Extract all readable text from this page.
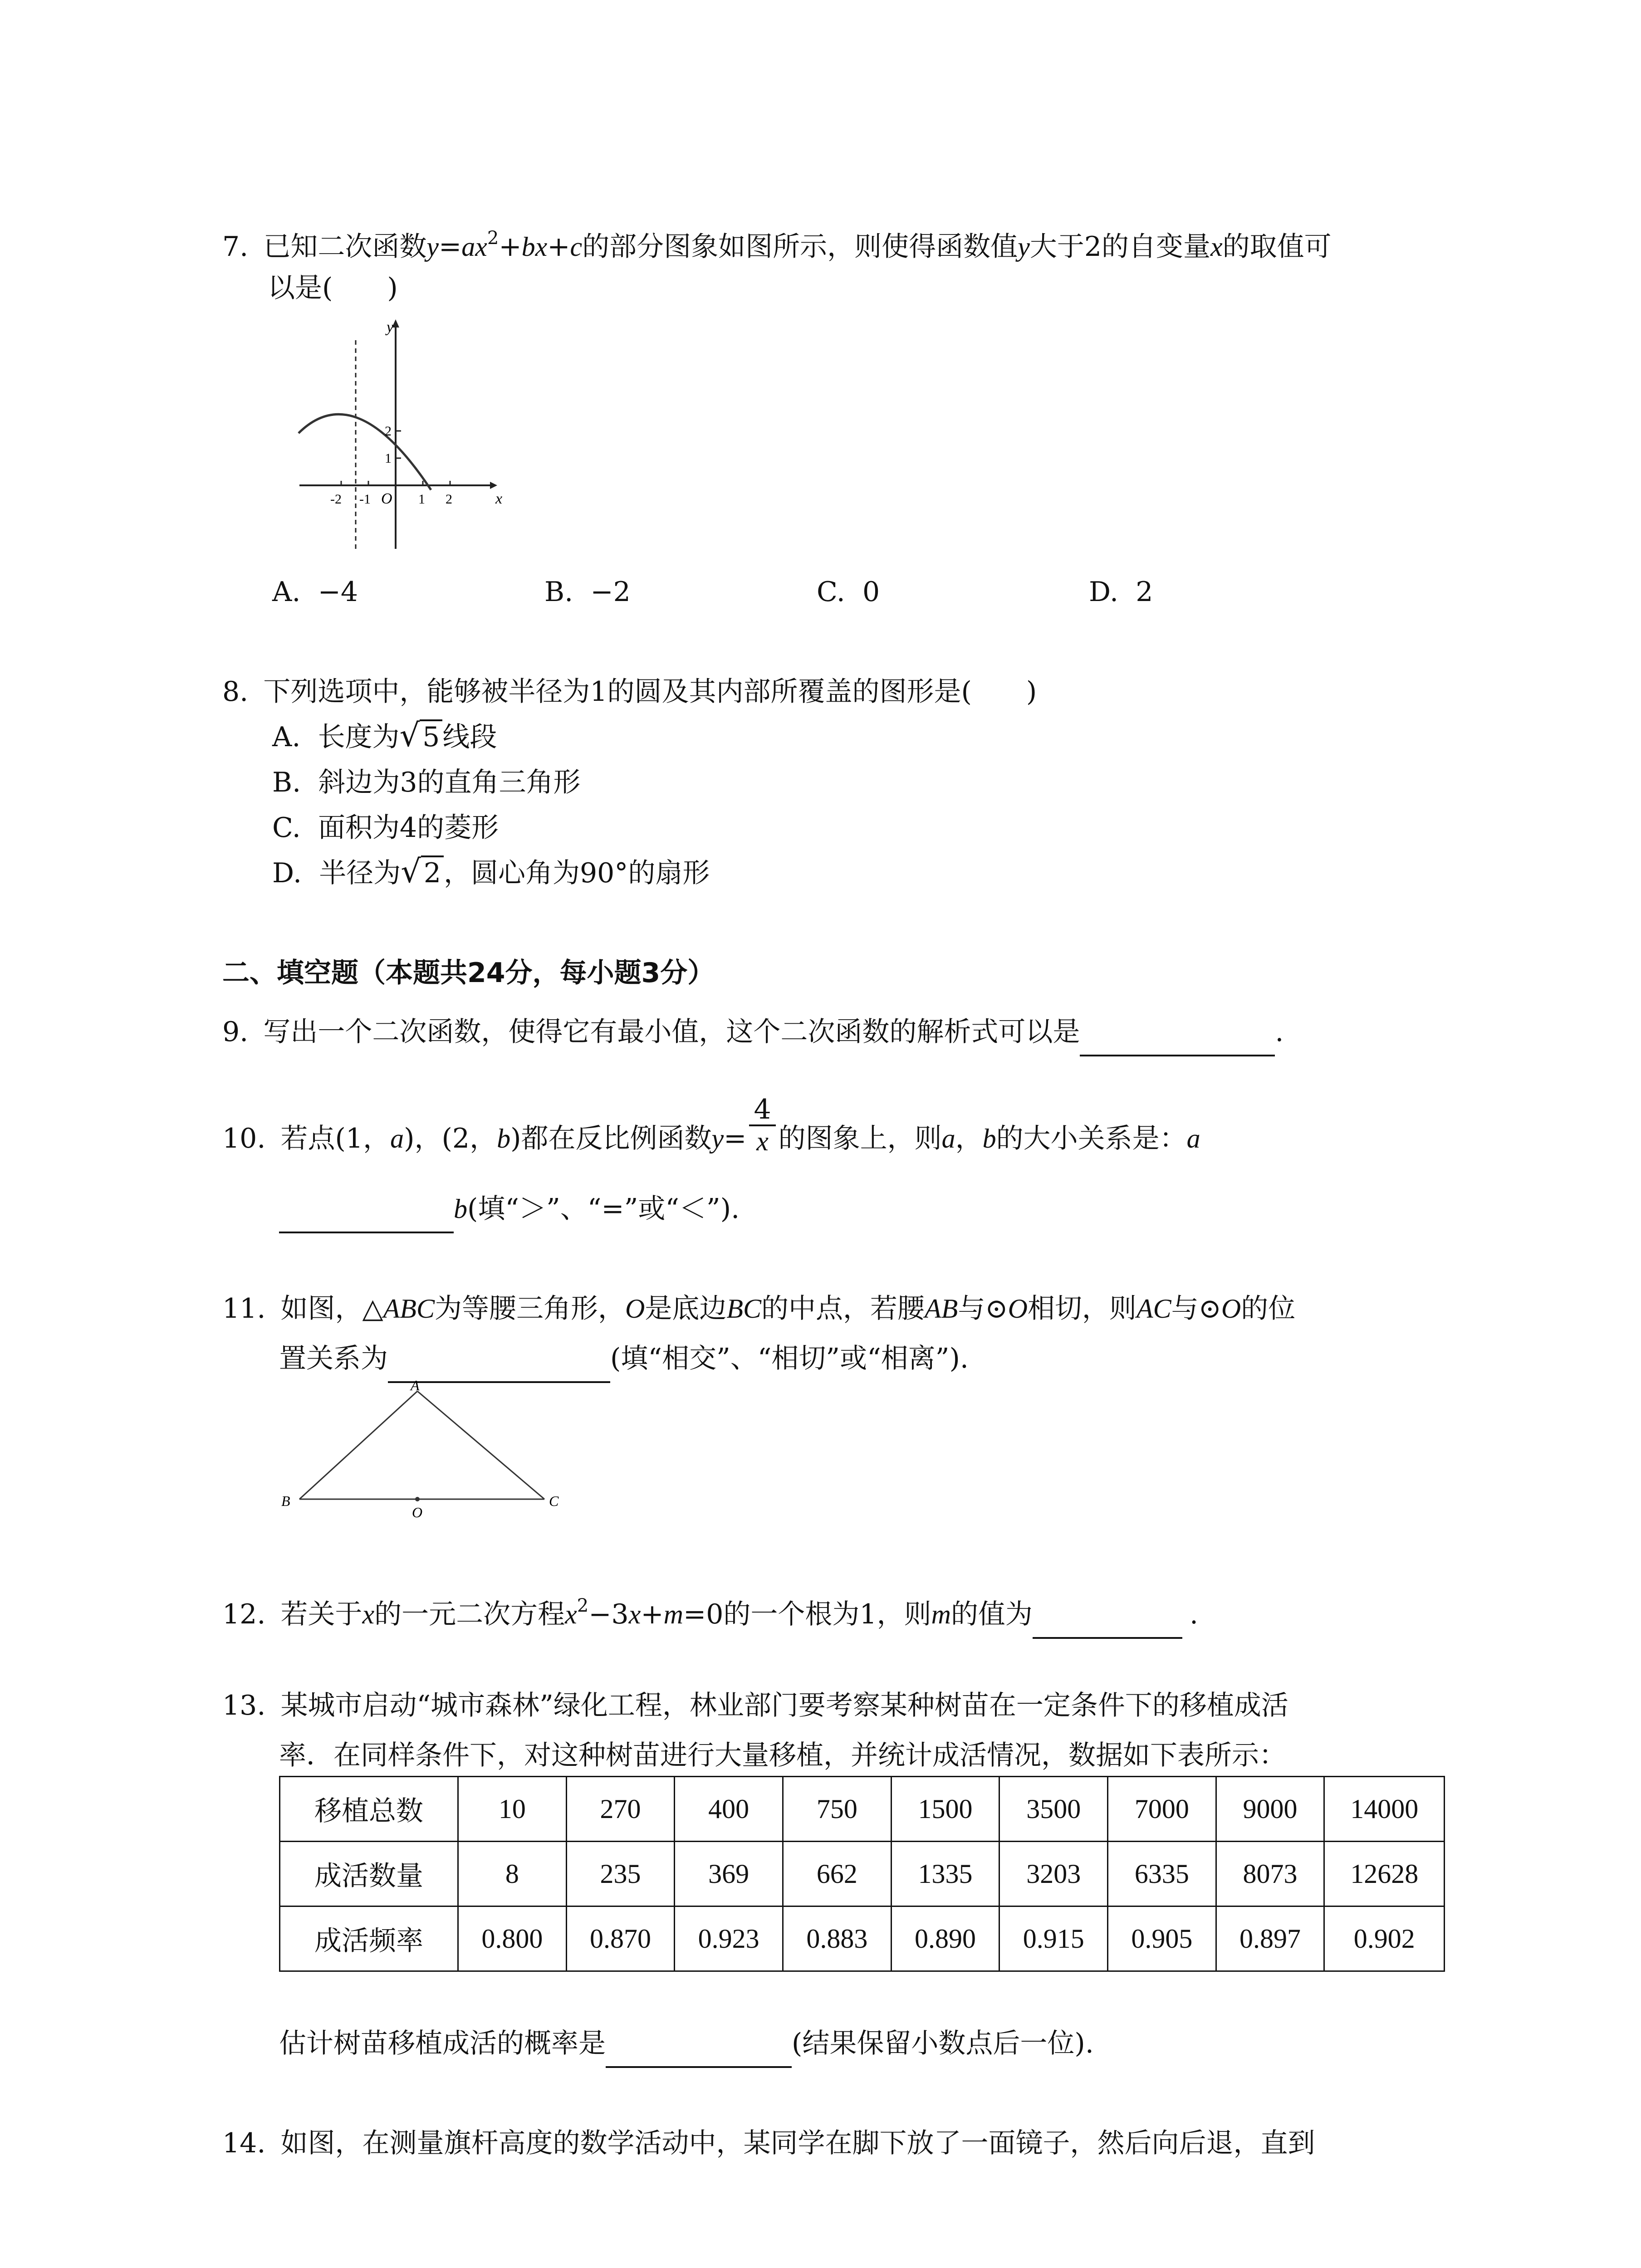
7. 已知二次函数$y=ax^2+bx+c$的部分图象如图所示，则使得函数值y大于2的自变量x的取值可
以是(　　)
y
x
O
-2 -1	1 2
1
2
A. −4	B. −2	C. 0	D. 2
8. 下列选项中，能够被半径为1的圆及其内部所覆盖的图形是(　　)
A. 长度为√ 5 线段
B. 斜边为3的直角三角形
C. 面积为4的菱形
D. 半径为√ 2 ，圆心角为90°的扇形
二、填空题（本题共24分，每小题3分）
9. 写出一个二次函数，使得它有最小值，这个二次函数的解析式可以是	.
10. 若点(1，a)，(2，b)都在反比例函数$y= \frac{4}{x}$ 的图象上，则a，b的大小关系是：a
b(填“＞”、“=”或“＜”).
11. 如图，△ABC为等腰三角形，O是底边BC的中点，若腰AB与⊙O相切，则AC与⊙O的位
置关系为	(填“相交”、“相切”或“相离”).
A
B	C
O
12. 若关于x的一元二次方程$x^2-3x+m=0$的一个根为1，则m的值为	.
13. 某城市启动“城市森林”绿化工程，林业部门要考察某种树苗在一定条件下的移植成活
率．在同样条件下，对这种树苗进行大量移植，并统计成活情况，数据如下表所示：
移植总数	10	270	400	750	1500	3500	7000	9000	14000
成活数量	8	235	369	662	1335	3203	6335	8073	12628
成活频率	0.800	0.870	0.923	0.883	0.890	0.915	0.905	0.897	0.902
估计树苗移植成活的概率是	(结果保留小数点后一位).
14. 如图，在测量旗杆高度的数学活动中，某同学在脚下放了一面镜子，然后向后退，直到
